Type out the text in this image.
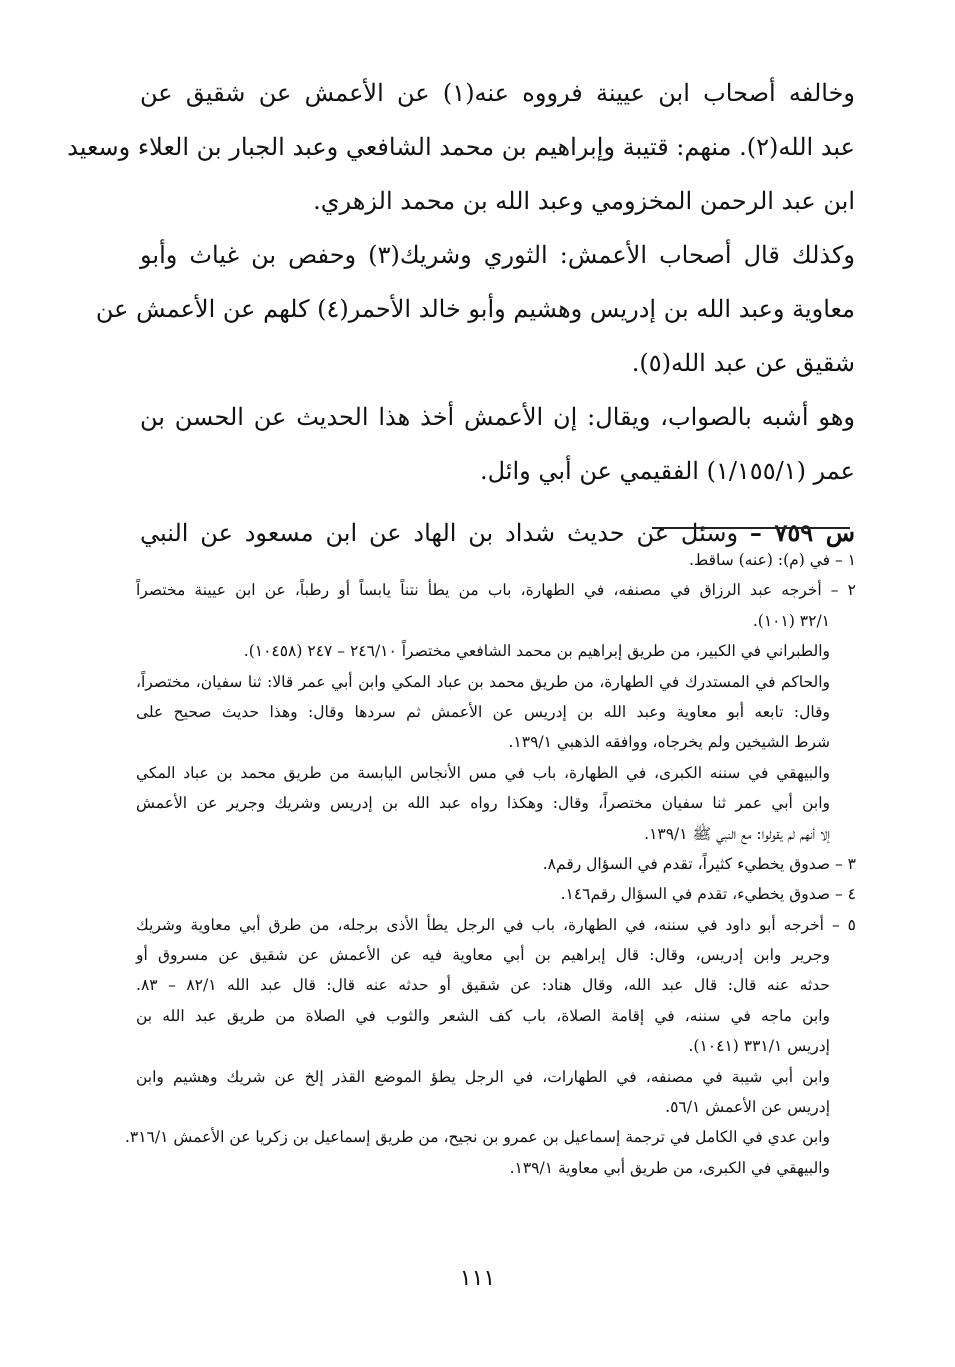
وخالفه أصحاب ابن عيينة فرووه عنه(١) عن الأعمش عن شقيق عن
عبد الله(٢). منهم: قتيبة وإبراهيم بن محمد الشافعي وعبد الجبار بن العلاء وسعيد
ابن عبد الرحمن المخزومي وعبد الله بن محمد الزهري.
وكذلك قال أصحاب الأعمش: الثوري وشريك(٣) وحفص بن غياث وأبو
معاوية وعبد الله بن إدريس وهشيم وأبو خالد الأحمر(٤) كلهم عن الأعمش عن
شقيق عن عبد الله(٥).
وهو أشبه بالصواب، ويقال: إن الأعمش أخذ هذا الحديث عن الحسن بن
عمر (١/١٥٥/١) الفقيمي عن أبي وائل.
س ٧٥٩ – وسئل عن حديث شداد بن الهاد عن ابن مسعود عن النبي
١ – في (م): (عنه) ساقط.
٢ – أخرجه عبد الرزاق في مصنفه، في الطهارة، باب من يطأ نتناً يابساً أو رطباً، عن ابن عيينة مختصراً
٣٢/١ (١٠١).
والطبراني في الكبير، من طريق إبراهيم بن محمد الشافعي مختصراً ٢٤٦/١٠ – ٢٤٧ (١٠٤٥٨).
والحاكم في المستدرك في الطهارة، من طريق محمد بن عباد المكي وابن أبي عمر قالا: ثنا سفيان، مختصراً،
وقال: تابعه أبو معاوية وعبد الله بن إدريس عن الأعمش ثم سردها وقال: وهذا حديث صحيح على
شرط الشيخين ولم يخرجاه، ووافقه الذهبي ١٣٩/١.
والبيهقي في سننه الكبرى، في الطهارة، باب في مس الأنجاس اليابسة من طريق محمد بن عباد المكي
وابن أبي عمر ثنا سفيان مختصراً، وقال: وهكذا رواه عبد الله بن إدريس وشريك وجرير عن الأعمش
إلا أنهم لم يقولوا: مع النبي ﷺ ١٣٩/١.
٣ – صدوق يخطيء كثيراً، تقدم في السؤال رقم٨.
٤ – صدوق يخطيء، تقدم في السؤال رقم١٤٦.
٥ – أخرجه أبو داود في سننه، في الطهارة، باب في الرجل يطأ الأذى برجله، من طرق أبي معاوية وشريك
وجرير وابن إدريس، وقال: قال إبراهيم بن أبي معاوية فيه عن الأعمش عن شقيق عن مسروق أو
حدثه عنه قال: قال عبد الله، وقال هناد: عن شقيق أو حدثه عنه قال: قال عبد الله ٨٢/١ – ٨٣.
وابن ماجه في سننه، في إقامة الصلاة، باب كف الشعر والثوب في الصلاة من طريق عبد الله بن
إدريس ٣٣١/١ (١٠٤١).
وابن أبي شيبة في مصنفه، في الطهارات، في الرجل يطؤ الموضع القذر إلخ عن شريك وهشيم وابن
إدريس عن الأعمش ٥٦/١.
وابن عدي في الكامل في ترجمة إسماعيل بن عمرو بن نجيح، من طريق إسماعيل بن زكريا عن الأعمش ٣١٦/١.
والبيهقي في الكبرى، من طريق أبي معاوية ١٣٩/١.
١١١
